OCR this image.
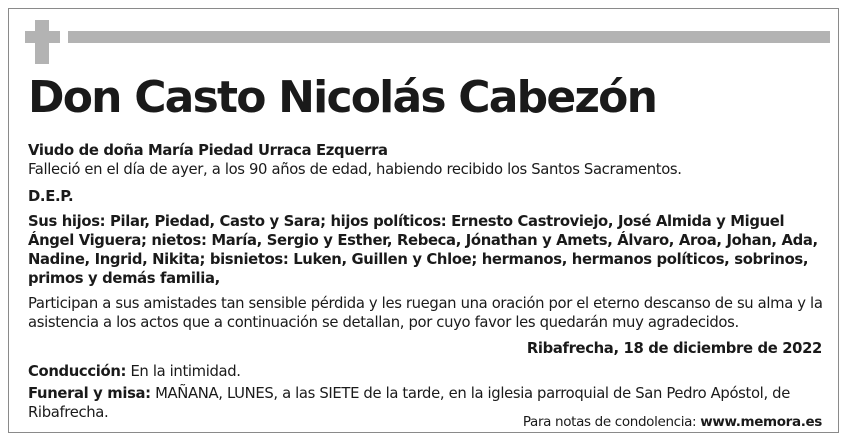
Don Casto Nicolás Cabezón
Viudo de doña María Piedad Urraca Ezquerra
Falleció en el día de ayer, a los 90 años de edad, habiendo recibido los Santos Sacramentos.
D.E.P.
Sus hijos: Pilar, Piedad, Casto y Sara; hijos políticos: Ernesto Castroviejo, José Almida y Miguel Ángel Viguera; nietos: María, Sergio y Esther, Rebeca, Jónathan y Amets, Álvaro, Aroa, Johan, Ada, Nadine, Ingrid, Nikita; bisnietos: Luken, Guillen y Chloe; hermanos, hermanos políticos, sobrinos, primos y demás familia,
Participan a sus amistades tan sensible pérdida y les ruegan una oración por el eterno descanso de su alma y la asistencia a los actos que a continuación se detallan, por cuyo favor les quedarán muy agradecidos.
Ribafrecha, 18 de diciembre de 2022
Conducción: En la intimidad.
Funeral y misa: MAÑANA, LUNES, a las SIETE de la tarde, en la iglesia parroquial de San Pedro Apóstol, de Ribafrecha.
Para notas de condolencia: www.memora.es
